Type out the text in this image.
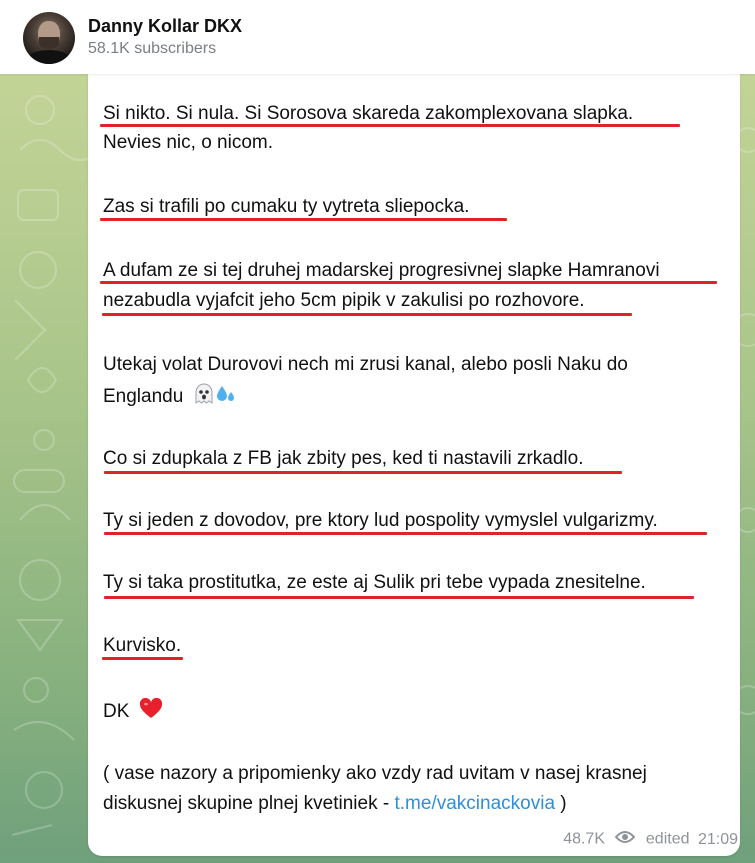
Danny Kollar DKX
58.1K subscribers
Si nikto. Si nula. Si Sorosova skareda zakomplexovana slapka.
Nevies nic, o nicom.
Zas si trafili po cumaku ty vytreta sliepocka.
A dufam ze si tej druhej madarskej progresivnej slapke Hamranovi
nezabudla vyjafcit jeho 5cm pipik v zakulisi po rozhovore.
Utekaj volat Durovovi nech mi zrusi kanal, alebo posli Naku do
Englandu
Co si zdupkala z FB jak zbity pes, ked ti nastavili zrkadlo.
Ty si jeden z dovodov, pre ktory lud pospolity vymyslel vulgarizmy.
Ty si taka prostitutka, ze este aj Sulik pri tebe vypada znesitelne.
Kurvisko.
DK
( vase nazory a pripomienky ako vzdy rad uvitam v nasej krasnej
diskusnej skupine plnej kvetiniek - t.me/vakcinackovia )
48.7K	edited 21:09
